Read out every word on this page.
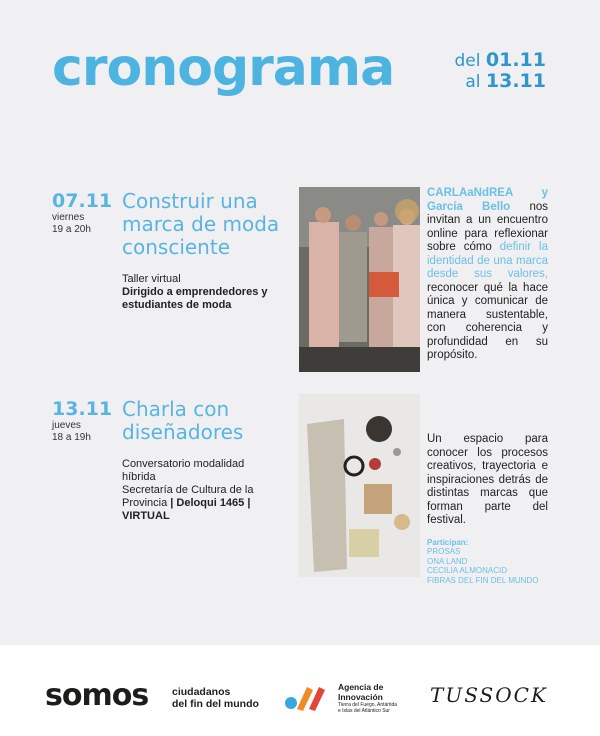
cronograma	del 01.11
al 13.11
07.11
viernes
19 a 20h
Construir una marca de moda consciente
Taller virtual
Dirigido a emprendedores y estudiantes de moda
CARLAaNdREA y García Bello nos invitan a un encuentro online para reflexionar sobre cómo definir la identidad de una marca desde sus valores, reconocer qué la hace única y comunicar de manera sustentable, con coherencia y profundidad en su propósito.
13.11
jueves
18 a 19h
Charla con diseñadores
Conversatorio modalidad híbrida
Secretaría de Cultura de la Provincia | Deloqui 1465 | VIRTUAL
Un espacio para conocer los procesos creativos, trayectoria e inspiraciones detrás de distintas marcas que forman parte del festival.
Participan:
PROSAS
ONA LAND
CECILIA ALMONACID
FIBRAS DEL FIN DEL MUNDO
somos ciudadanos
del fin del mundo
Agencia de
Innovación
Tierra del Fuego, Antártida
e Islas del Atlántico Sur
TUSSOCK
